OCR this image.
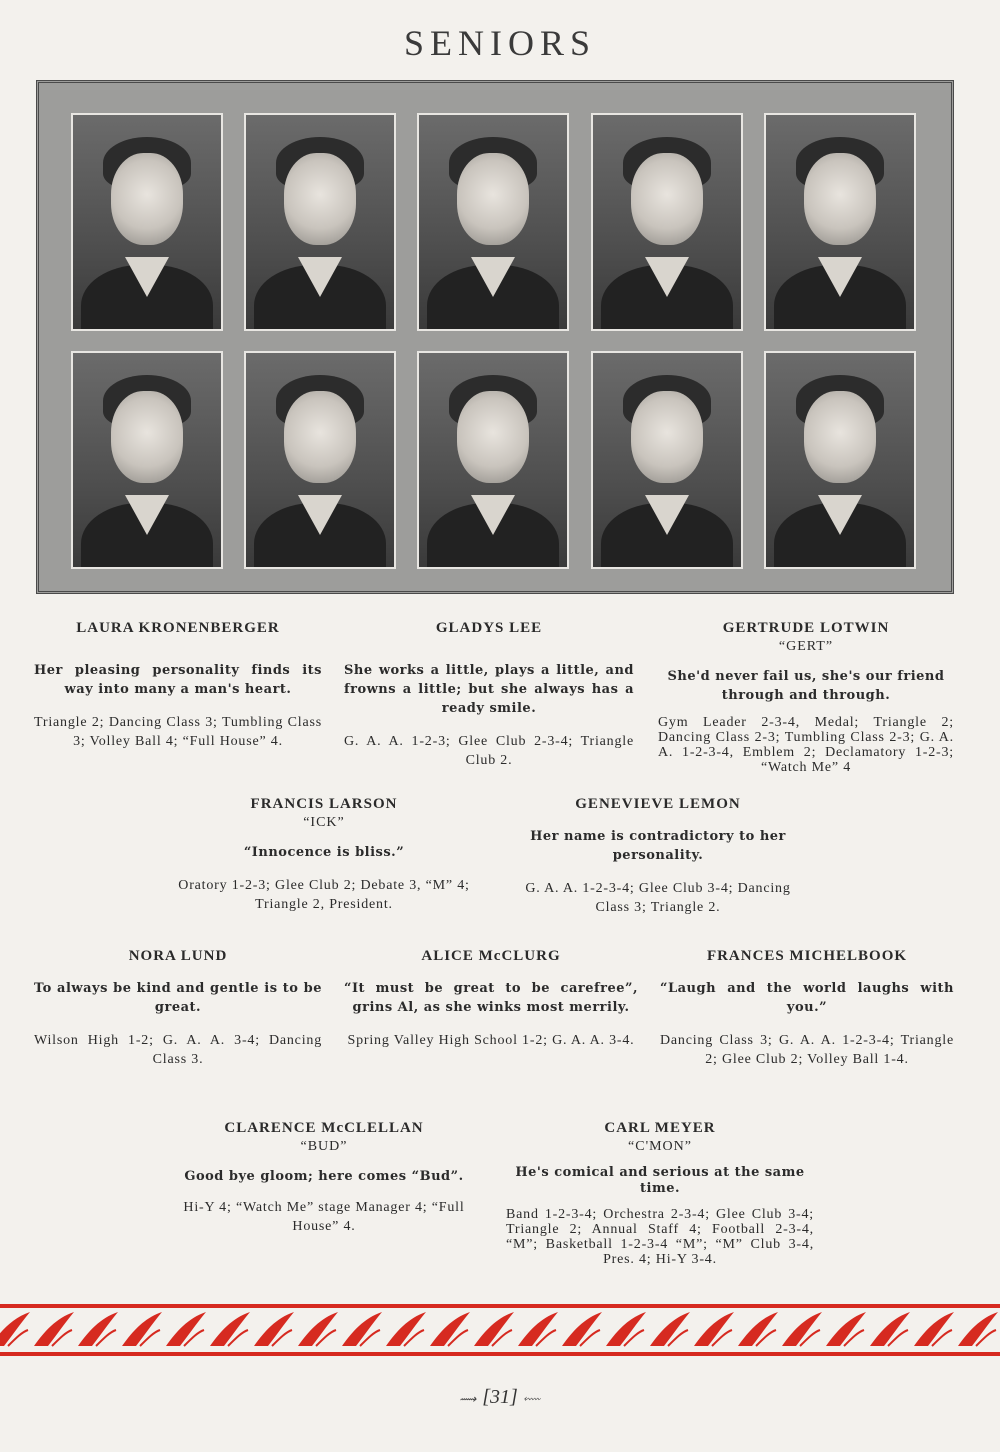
SENIORS
LAURA KRONENBERGER
Her pleasing personality finds its way into many a man's heart.
Triangle 2; Dancing Class 3; Tumbling Class 3; Volley Ball 4; “Full House” 4.
GLADYS LEE
She works a little, plays a little, and frowns a little; but she always has a ready smile.
G. A. A. 1-2-3; Glee Club 2-3-4; Triangle Club 2.
GERTRUDE LOTWIN
“GERT”
She'd never fail us, she's our friend through and through.
Gym Leader 2-3-4, Medal; Triangle 2; Dancing Class 2-3; Tumbling Class 2-3; G. A. A. 1-2-3-4, Emblem 2; Declamatory 1-2-3; “Watch Me” 4
FRANCIS LARSON
“ICK”
“Innocence is bliss.”
Oratory 1-2-3; Glee Club 2; Debate 3, “M” 4; Triangle 2, President.
GENEVIEVE LEMON
Her name is contradictory to her personality.
G. A. A. 1-2-3-4; Glee Club 3-4; Dancing Class 3; Triangle 2.
NORA LUND
To always be kind and gentle is to be great.
Wilson High 1-2; G. A. A. 3-4; Dancing Class 3.
ALICE McCLURG
“It must be great to be carefree”, grins Al, as she winks most merrily.
Spring Valley High School 1-2; G. A. A. 3-4.
FRANCES MICHELBOOK
“Laugh and the world laughs with you.”
Dancing Class 3; G. A. A. 1-2-3-4; Triangle 2; Glee Club 2; Volley Ball 1-4.
CLARENCE McCLELLAN
“BUD”
Good bye gloom; here comes “Bud”.
Hi-Y 4; “Watch Me” stage Manager 4; “Full House” 4.
CARL MEYER
“C'MON”
He's comical and serious at the same time.
Band 1-2-3-4; Orchestra 2-3-4; Glee Club 3-4; Triangle 2; Annual Staff 4; Football 2-3-4, “M”; Basketball 1-2-3-4 “M”; “M” Club 3-4, Pres. 4; Hi-Y 3-4.
⟿ [31] ⬳
